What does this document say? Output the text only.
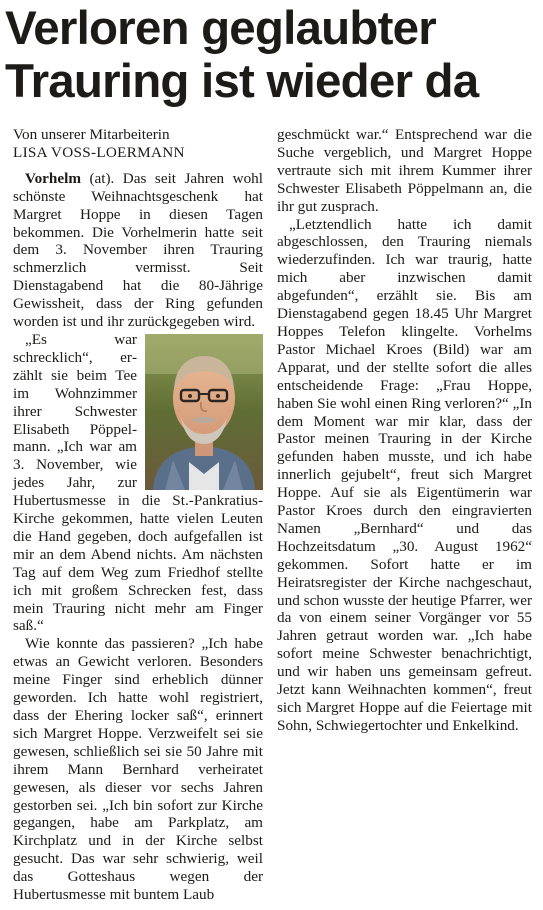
Verloren geglaubter
Trauring ist wieder da

Von unserer Mitarbeiterin

LISA VOSS-LOERMANN

Vorhelm (at). Das seit Jahren wohl schönste Weihnachtsgeschenk hat Margret Hoppe in diesen Tagen bekommen. Die Vorhelmerin hatte seit dem 3. November ihren Trauring schmerzlich vermisst. Seit Dienstagabend hat die 80-Jährige Gewissheit, dass der Ring gefunden worden ist und ihr zurückgegeben wird.

„Es war schrecklich“, erzählt sie beim Tee im Wohnzimmer ihrer Schwester Elisabeth Pöppelmann. „Ich war am 3. November, wie jedes Jahr, zur Hubertusmesse in die St.-Pankratius-Kirche gekommen, hatte vielen Leuten die Hand gegeben, doch aufgefallen ist mir an dem Abend nichts. Am nächsten Tag auf dem Weg zum Friedhof stellte ich mit großem Schrecken fest, dass mein Trauring nicht mehr am Finger saß.“

Wie konnte das passieren? „Ich habe etwas an Gewicht verloren. Besonders meine Finger sind erheblich dünner geworden. Ich hatte wohl registriert, dass der Ehering locker saß“, erinnert sich Margret Hoppe. Verzweifelt sei sie gewesen, schließlich sei sie 50 Jahre mit ihrem Mann Bernhard verheiratet gewesen, als dieser vor sechs Jahren gestorben sei. „Ich bin sofort zur Kirche gegangen, habe am Parkplatz, am Kirchplatz und in der Kirche selbst gesucht. Das war sehr schwierig, weil das Gotteshaus wegen der Hubertusmesse mit buntem Laub

geschmückt war.“ Entsprechend war die Suche vergeblich, und Margret Hoppe vertraute sich mit ihrem Kummer ihrer Schwester Elisabeth Pöppelmann an, die ihr gut zusprach.

„Letztendlich hatte ich damit abgeschlossen, den Trauring niemals wiederzufinden. Ich war traurig, hatte mich aber inzwischen damit abgefunden“, erzählt sie. Bis am Dienstagabend gegen 18.45 Uhr Margret Hoppes Telefon klingelte. Vorhelms Pastor Michael Kroes (Bild) war am Apparat, und der stellte sofort die alles entscheidende Frage: „Frau Hoppe, haben Sie wohl einen Ring verloren?“ „In dem Moment war mir klar, dass der Pastor meinen Trauring in der Kirche gefunden haben musste, und ich habe innerlich gejubelt“, freut sich Margret Hoppe. Auf sie als Eigentümerin war Pastor Kroes durch den eingravierten Namen „Bernhard“ und das Hochzeitsdatum „30. August 1962“ gekommen. Sofort hatte er im Heiratsregister der Kirche nachgeschaut, und schon wusste der heutige Pfarrer, wer da von einem seiner Vorgänger vor 55 Jahren getraut worden war. „Ich habe sofort meine Schwester benachrichtigt, und wir haben uns gemeinsam gefreut. Jetzt kann Weihnachten kommen“, freut sich Margret Hoppe auf die Feiertage mit Sohn, Schwiegertochter und Enkelkind.
